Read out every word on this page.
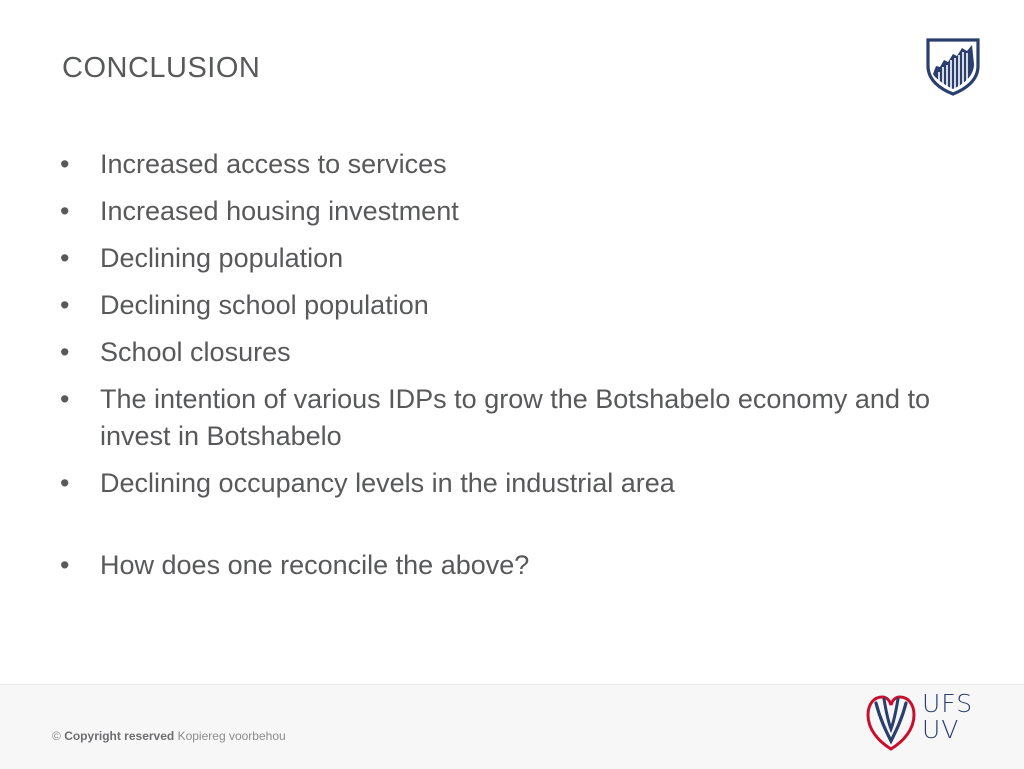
CONCLUSION
•	Increased access to services
•	Increased housing investment
•	Declining population
•	Declining school population
•	School closures
•	The intention of various IDPs to grow the Botshabelo economy and to invest in Botshabelo
•	Declining occupancy levels in the industrial area
•	How does one reconcile the above?
© Copyright reserved Kopiereg voorbehou
UFS
UV
